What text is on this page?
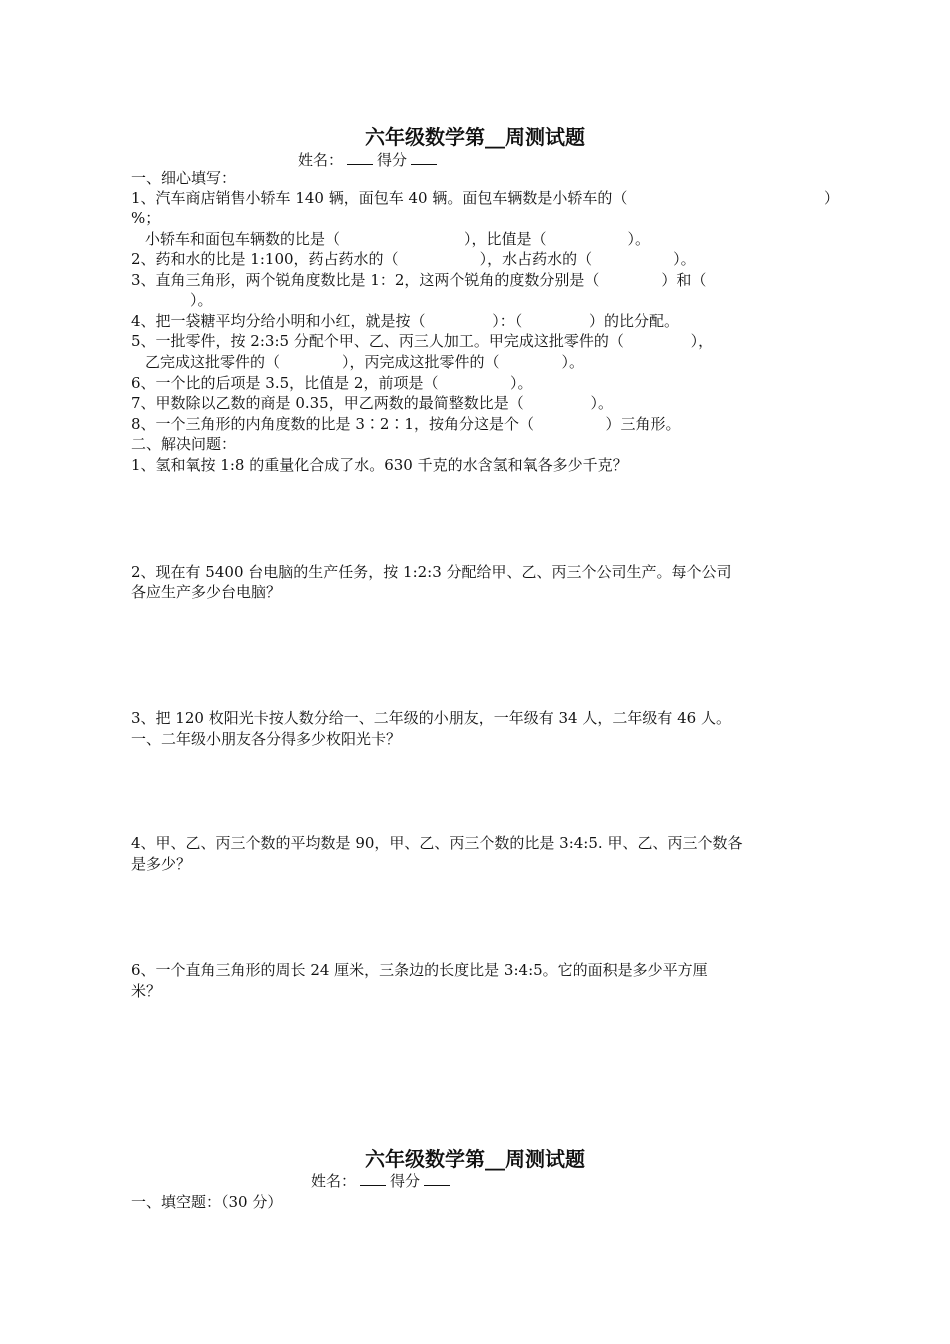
六年级数学第__周测试题
姓名： 得分
一、细心填写：
1、汽车商店销售小轿车 140 辆，面包车 40 辆。面包车辆数是小轿车的（	）
%；
小轿车和面包车辆数的比是（                          ），比值是（                 ）。
2、药和水的比是 1:100，药占药水的（                 ），水占药水的（                 ）。
3、直角三角形，两个锐角度数比是 1：2，这两个锐角的度数分别是（             ）和（
）。
4、把一袋糖平均分给小明和小红，就是按（              ）：（              ）的比分配。
5、一批零件，按 2:3:5 分配个甲、乙、丙三人加工。甲完成这批零件的（              ），
乙完成这批零件的（             ），丙完成这批零件的（             ）。
6、一个比的后项是 3.5，比值是 2，前项是（               ）。
7、甲数除以乙数的商是 0.35，甲乙两数的最简整数比是（              ）。
8、一个三角形的内角度数的比是 3∶2∶1，按角分这是个（               ）三角形。
二、解决问题：
1、氢和氧按 1:8 的重量化合成了水。630 千克的水含氢和氧各多少千克？
2、现在有 5400 台电脑的生产任务，按 1:2:3 分配给甲、乙、丙三个公司生产。每个公司
各应生产多少台电脑？
3、把 120 枚阳光卡按人数分给一、二年级的小朋友，一年级有 34 人，二年级有 46 人。
一、二年级小朋友各分得多少枚阳光卡？
4、甲、乙、丙三个数的平均数是 90，甲、乙、丙三个数的比是 3:4:5. 甲、乙、丙三个数各
是多少？
6、一个直角三角形的周长 24 厘米，三条边的长度比是 3:4:5。它的面积是多少平方厘
米？
六年级数学第__周测试题
姓名： 得分
一、填空题：（30 分）
